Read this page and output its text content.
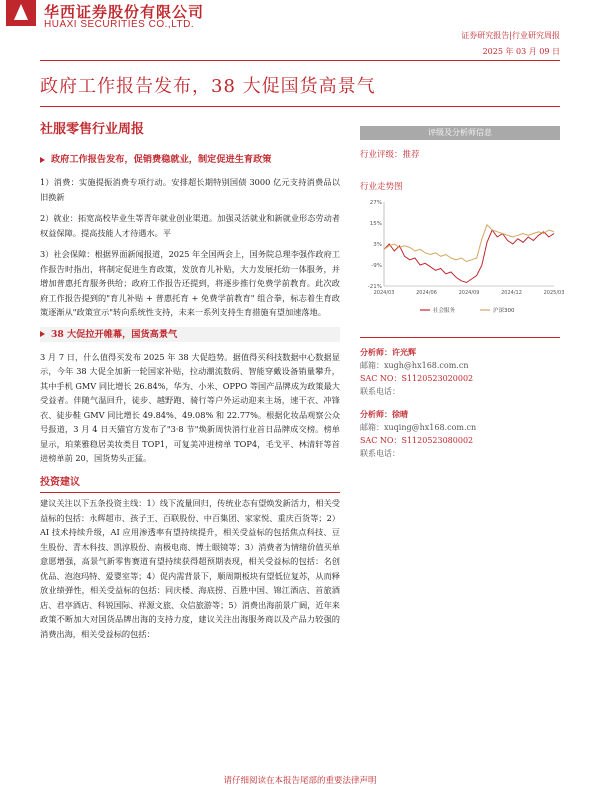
华西证券股份有限公司
HUAXI SECURITIES CO.,LTD.
证券研究报告|行业研究周报
2025 年 03 月 09 日
政府工作报告发布，38 大促国货高景气
社服零售行业周报
政府工作报告发布，促销费稳就业，制定促进生育政策

1）消费：实施提振消费专项行动。安排超长期特别国债 3000 亿元支持消费品以旧换新

2）就业：拓宽高校毕业生等青年就业创业渠道。加强灵活就业和新就业形态劳动者权益保障。提高技能人才待遇水。平

3）社会保障：根据界面新闻报道，2025 年全国两会上，国务院总理李强作政府工作报告时指出，将制定促进生育政策，发放育儿补贴，大力发展托幼一体服务，并增加普惠托育服务供给；政府工作报告还提到，将逐步推行免费学前教育。此次政府工作报告提到的"育儿补贴 + 普惠托育 + 免费学前教育" 组合拳，标志着生育政策逐渐从"政策宣示"转向系统性支持，未来一系列支持生育措施有望加速落地。

38 大促拉开帷幕，国货高景气

3 月 7 日，什么值得买发布 2025 年 38 大促趋势。据值得买科技数据中心数据显示，今年 38 大促全加新一轮国家补贴，拉动潮流数码、智能穿戴设备销量攀升，其中手机 GMV 同比增长 26.84%，华为、小米、OPPO 等国产品牌成为政策最大受益者。伴随气温回升，徒步、越野跑、骑行等户外运动迎来主场，速干衣、冲锋衣、徒步鞋 GMV 同比增长 49.84%、49.08% 和 22.77%。根据化妆品观察公众号报道，3 月 4 日天猫官方发布了"3·8 节"焕新周快消行业首日品牌成交榜。榜单显示，珀莱雅稳居美妆类目 TOP1，可复美冲进榜单 TOP4，毛戈平、林清轩等首进榜单前 20，国货势头正猛。

投资建议

建议关注以下五条投资主线：1）线下流量回归，传统业态有望焕发新活力，相关受益标的包括：永辉超市、孩子王、百联股份、中百集团、家家悦、重庆百货等；2）AI 技术持续升级，AI 应用渗透率有望持续提升，相关受益标的包括焦点科技、豆生股份、青木科技、凯淳股份、南极电商、博士眼镜等；3）消费者为情绪价值买单意愿增强，高景气新零售赛道有望持续获得超预期表现，相关受益标的包括：名创优品、泡泡玛特、爱婴室等；4）促内需背景下，顺周期板块有望低位复苏，从而释放业绩弹性，相关受益标的包括：同庆楼、海底捞、百胜中国、锦江酒店、首旅酒店、君亭酒店、科锐国际、祥源文旅、众信旅游等；5）消费出海前景广阔，近年来政策不断加大对国货品牌出海的支持力度，建议关注出海服务商以及产品力较强的消费出海，相关受益标的包括：

评级及分析师信息
行业评级：推荐
行业走势图
27%
15%
3%
-9%
-21%
2024/03	2024/06	2024/09	2024/12	2025/03
社会服务	沪深300
分析师：许光辉
邮箱：xugh@hx168.com.cn
SAC NO：S1120523020002
联系电话：
分析师：徐晴
邮箱：xuqing@hx168.com.cn
SAC NO：S1120523080002
联系电话：
请仔细阅读在本报告尾部的重要法律声明
